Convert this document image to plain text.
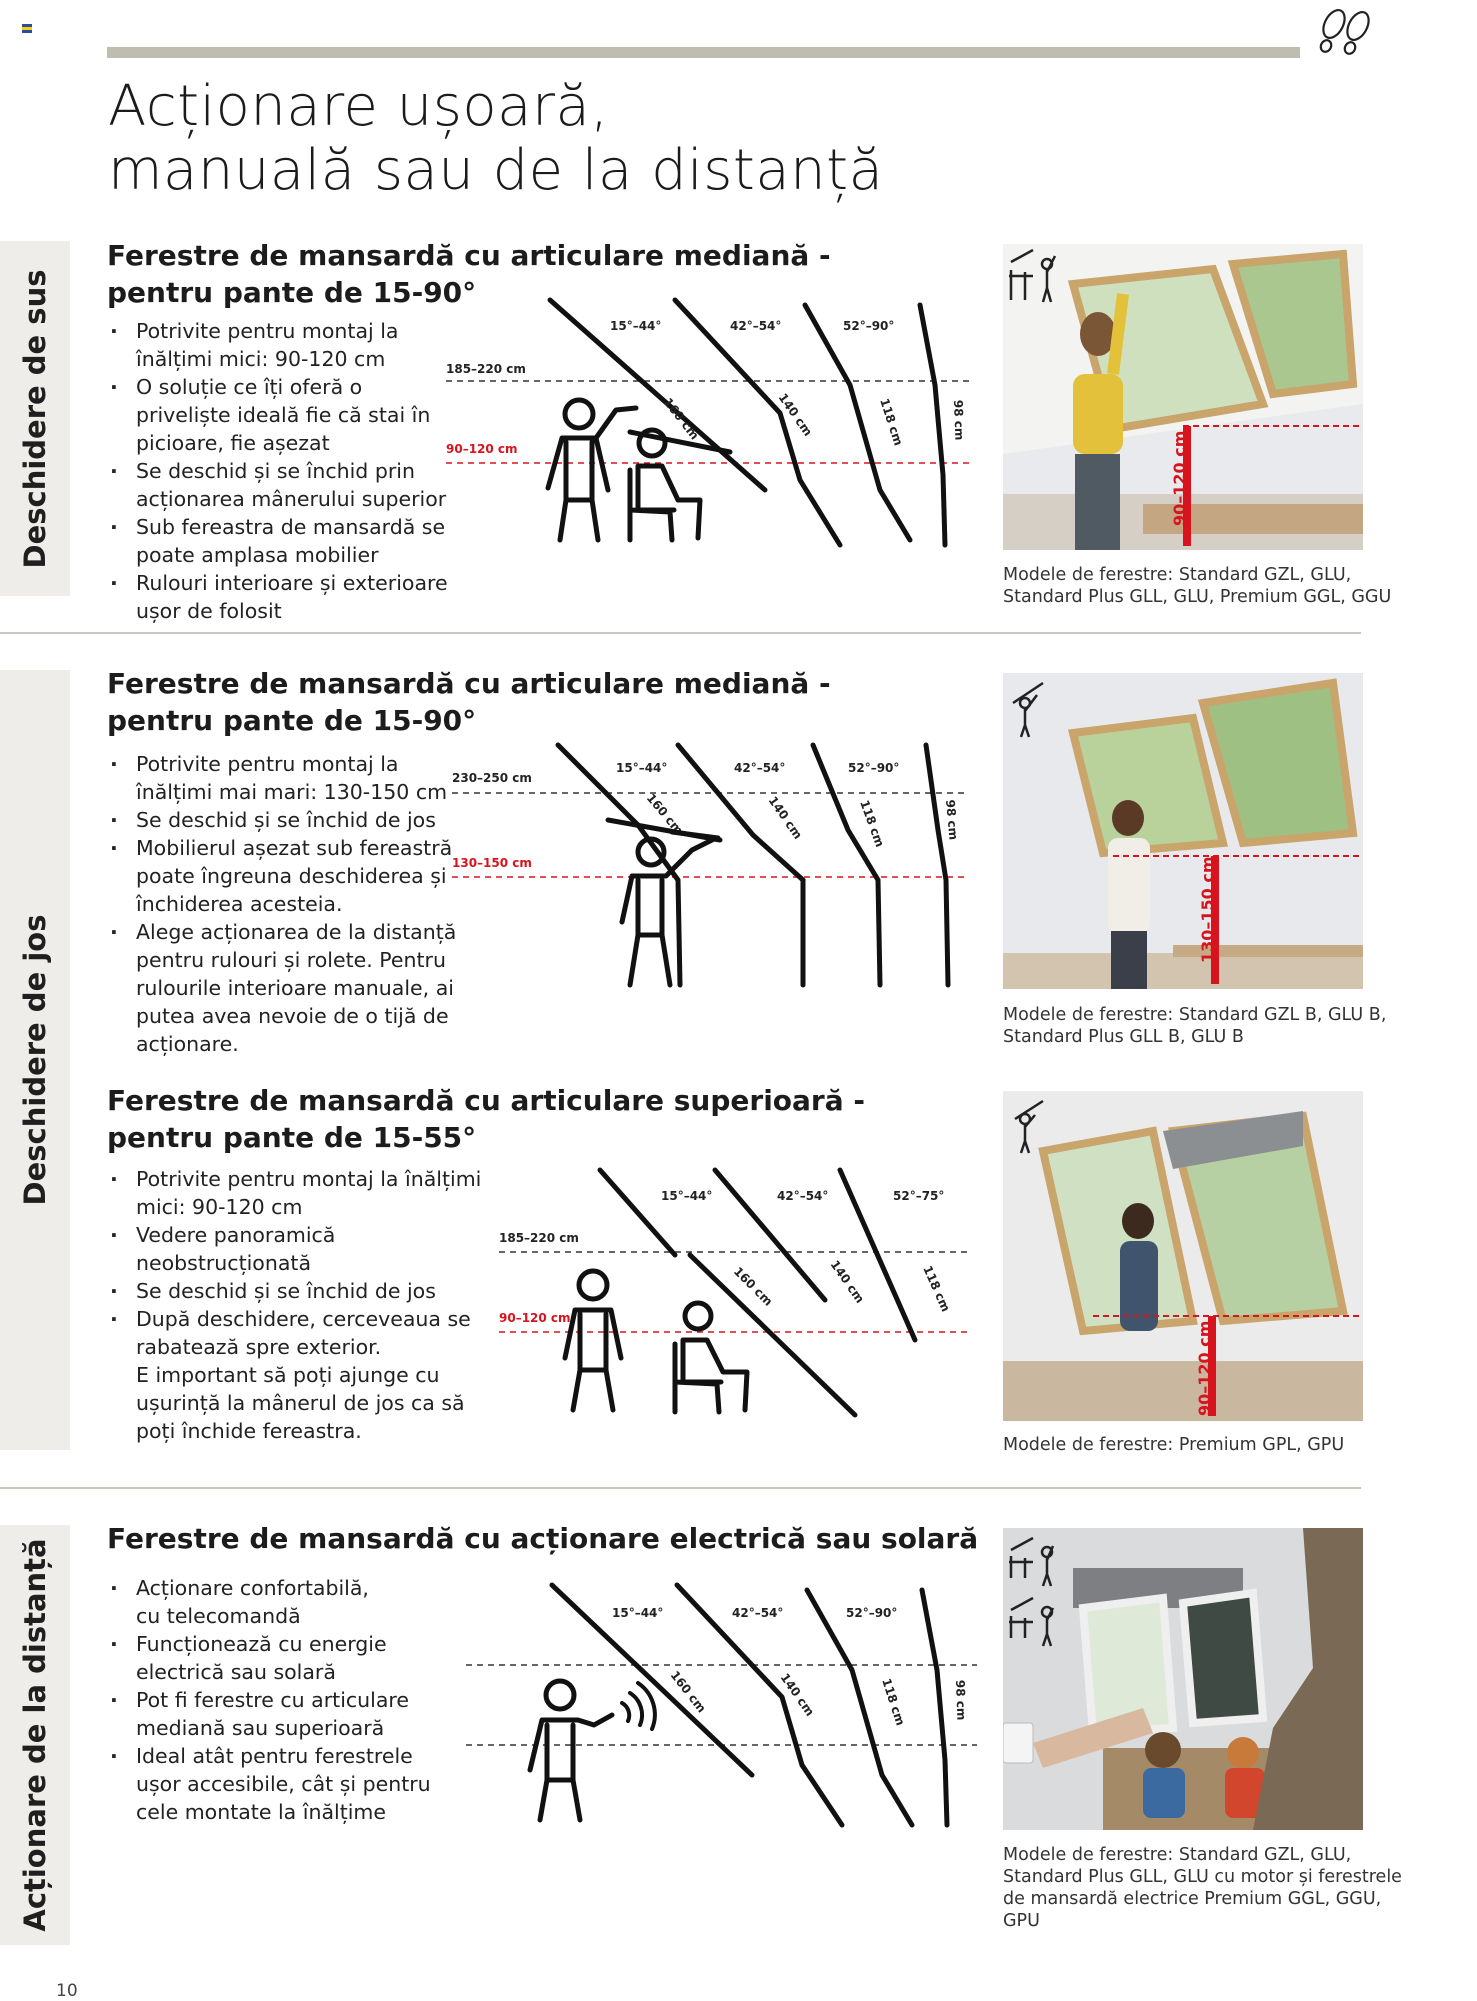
Acționare ușoară,
manuală sau de la distanță
Deschidere de sus
Deschidere de jos
Acționare de la distanță
Ferestre de mansardă cu articulare mediană -
pentru pante de 15-90°
· Potrivite pentru montaj la
înălțimi mici: 90-120 cm
· O soluție ce îți oferă o
priveliște ideală fie că stai în
picioare, fie așezat
· Se deschid și se închid prin
acționarea mânerului superior
· Sub fereastra de mansardă se
poate amplasa mobilier
· Rulouri interioare și exterioare
ușor de folosit
185–220 cm
90–120 cm
15°–44°	42°–54°	52°–90°
160 cm	140 cm	118 cm	98 cm
90–120 cm
Modele de ferestre: Standard GZL, GLU, Standard Plus GLL, GLU, Premium GGL, GGU
Ferestre de mansardă cu articulare mediană -
pentru pante de 15-90°
· Potrivite pentru montaj la
înălțimi mai mari: 130-150 cm
· Se deschid și se închid de jos
· Mobilierul așezat sub fereastră
poate îngreuna deschiderea și
închiderea acesteia.
· Alege acționarea de la distanță
pentru rulouri și rolete. Pentru
rulourile interioare manuale, ai
putea avea nevoie de o tijă de
acționare.
230–250 cm
130–150 cm
15°–44°	42°–54°	52°–90°
160 cm	140 cm	118 cm	98 cm
130–150 cm
Modele de ferestre: Standard GZL B, GLU B, Standard Plus GLL B, GLU B
Ferestre de mansardă cu articulare superioară -
pentru pante de 15-55°
· Potrivite pentru montaj la înălțimi
mici: 90-120 cm
· Vedere panoramică
neobstrucționată
· Se deschid și se închid de jos
· După deschidere, cerceveaua se
rabatează spre exterior.
E important să poți ajunge cu
ușurință la mânerul de jos ca să
poți închide fereastra.
185–220 cm
90–120 cm
15°–44°	42°–54°	52°–75°
160 cm	140 cm	118 cm
90–120 cm
Modele de ferestre: Premium GPL, GPU
Ferestre de mansardă cu acționare electrică sau solară
· Acționare confortabilă,
cu telecomandă
· Funcționează cu energie
electrică sau solară
· Pot fi ferestre cu articulare
mediană sau superioară
· Ideal atât pentru ferestrele
ușor accesibile, cât și pentru
cele montate la înălțime
15°–44°	42°–54°	52°–90°
160 cm	140 cm	118 cm	98 cm
Modele de ferestre: Standard GZL, GLU, Standard Plus GLL, GLU cu motor și ferestrele de mansardă electrice Premium GGL, GGU, GPU
10
